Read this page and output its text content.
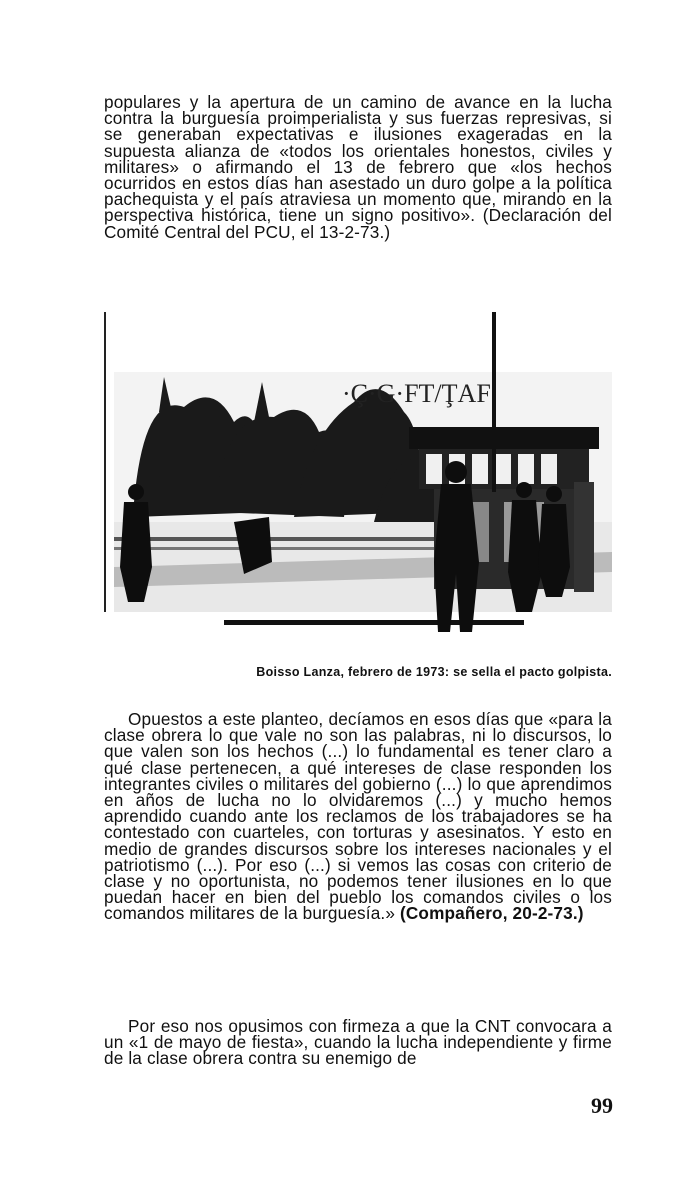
populares y la apertura de un camino de avance en la lucha contra la burguesía proimperialista y sus fuerzas represivas, si se generaban expectativas e ilusiones exageradas en la supuesta alianza de «todos los orientales honestos, civiles y militares» o afirmando el 13 de febrero que «los hechos ocurridos en estos días han asestado un duro golpe a la política pachequista y el país atraviesa un momento que, mirando en la perspectiva histórica, tiene un signo positivo». (Declaración del Comité Central del PCU, el 13-2-73.)

·Ç·G·FT/ŢAF
Boisso Lanza, febrero de 1973: se sella el pacto golpista.

Opuestos a este planteo, decíamos en esos días que «para la clase obrera lo que vale no son las palabras, ni lo discursos, lo que valen son los hechos (...) lo fundamental es tener claro a qué clase pertenecen, a qué intereses de clase responden los integrantes civiles o militares del gobierno (...) lo que aprendimos en años de lucha no lo olvidaremos (...) y mucho hemos aprendido cuando ante los reclamos de los trabajadores se ha contestado con cuarteles, con torturas y asesinatos. Y esto en medio de grandes discursos sobre los intereses nacionales y el patriotismo (...). Por eso (...) si vemos las cosas con criterio de clase y no oportunista, no podemos tener ilusiones en lo que puedan hacer en bien del pueblo los comandos civiles o los comandos militares de la burguesía.» (Compañero, 20-2-73.)

Por eso nos opusimos con firmeza a que la CNT convocara a un «1 de mayo de fiesta», cuando la lucha independiente y firme de la clase obrera contra su enemigo de

99
